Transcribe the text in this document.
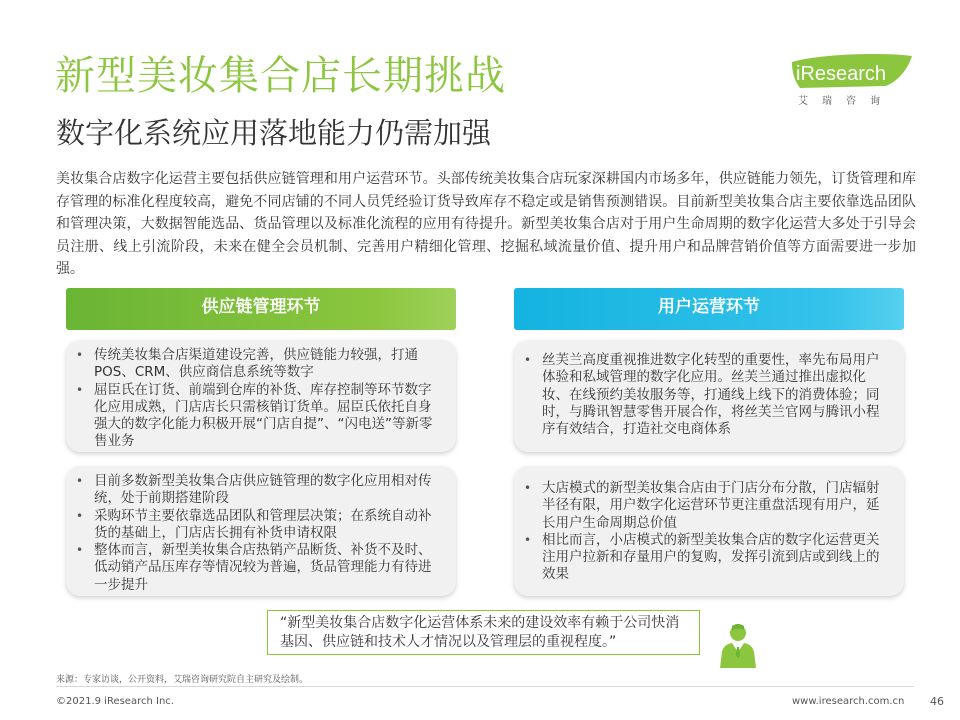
新型美妆集合店长期挑战
数字化系统应用落地能力仍需加强
iResearch
艾瑞咨询
美妆集合店数字化运营主要包括供应链管理和用户运营环节。头部传统美妆集合店玩家深耕国内市场多年，供应链能力领先，订货管理和库存管理的标准化程度较高，避免不同店铺的不同人员凭经验订货导致库存不稳定或是销售预测错误。目前新型美妆集合店主要依靠选品团队和管理决策，大数据智能选品、货品管理以及标准化流程的应用有待提升。新型美妆集合店对于用户生命周期的数字化运营大多处于引导会员注册、线上引流阶段，未来在健全会员机制、完善用户精细化管理、挖掘私域流量价值、提升用户和品牌营销价值等方面需要进一步加强。
供应链管理环节	用户运营环节
• 传统美妆集合店渠道建设完善，供应链能力较强，打通POS、CRM、供应商信息系统等数字
• 屈臣氏在订货、前端到仓库的补货、库存控制等环节数字化应用成熟，门店店长只需核销订货单。屈臣氏依托自身强大的数字化能力积极开展“门店自提”、“闪电送”等新零售业务
• 目前多数新型美妆集合店供应链管理的数字化应用相对传统，处于前期搭建阶段
• 采购环节主要依靠选品团队和管理层决策；在系统自动补货的基础上，门店店长拥有补货申请权限
• 整体而言，新型美妆集合店热销产品断货、补货不及时、低动销产品压库存等情况较为普遍，货品管理能力有待进一步提升
• 丝芙兰高度重视推进数字化转型的重要性，率先布局用户体验和私域管理的数字化应用。丝芙兰通过推出虚拟化妆、在线预约美妆服务等，打通线上线下的消费体验；同时，与腾讯智慧零售开展合作，将丝芙兰官网与腾讯小程序有效结合，打造社交电商体系
• 大店模式的新型美妆集合店由于门店分布分散，门店辐射半径有限，用户数字化运营环节更注重盘活现有用户，延长用户生命周期总价值
• 相比而言，小店模式的新型美妆集合店的数字化运营更关注用户拉新和存量用户的复购，发挥引流到店或到线上的效果
“新型美妆集合店数字化运营体系未来的建设效率有赖于公司快消基因、供应链和技术人才情况以及管理层的重视程度。”
来源：专家访谈，公开资料，艾瑞咨询研究院自主研究及绘制。
©2021.9 iResearch Inc.	www.iresearch.com.cn 46
